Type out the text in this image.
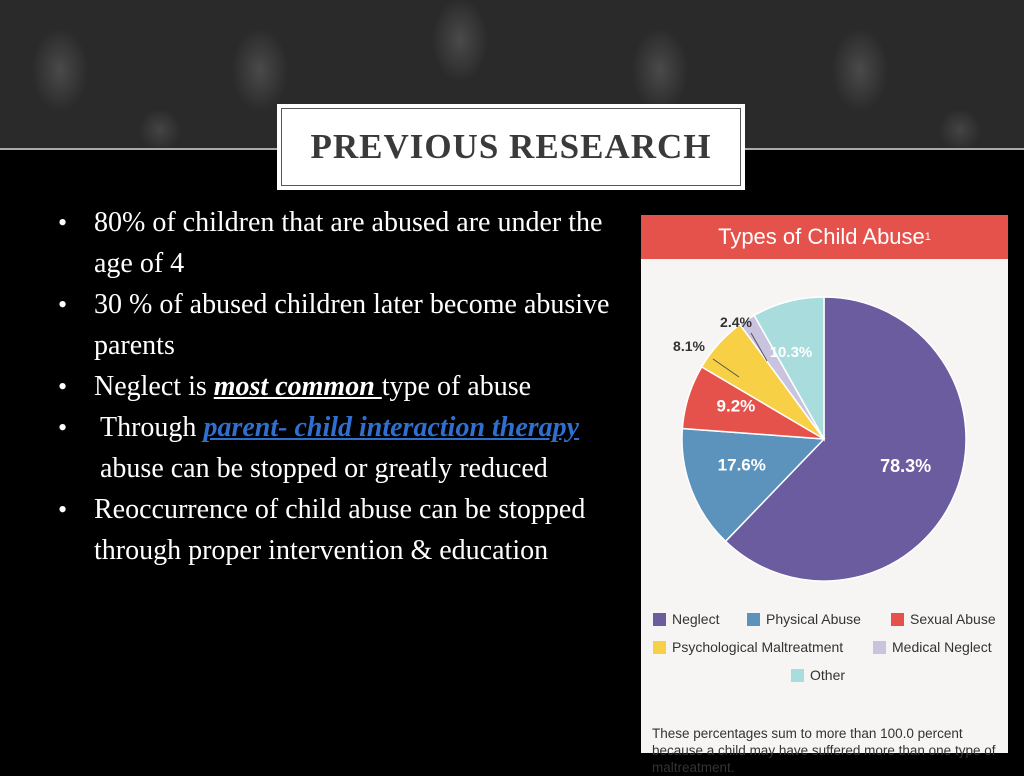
PREVIOUS RESEARCH
• 80% of children that are abused are under the age of 4
• 30 % of abused children later become abusive parents
• Neglect is most common type of abuse
• Through parent- child interaction therapy abuse can be stopped or greatly reduced
• Reoccurrence of child abuse can be stopped through proper intervention & education
Types of Child Abuse 1
78.3%
17.6%
9.2%
8.1%
2.4%
10.3%
Neglect	Physical Abuse	Sexual Abuse
Psychological Maltreatment	Medical Neglect
Other
These percentages sum to more than 100.0 percent because a child may have suffered more than one type of maltreatment.
